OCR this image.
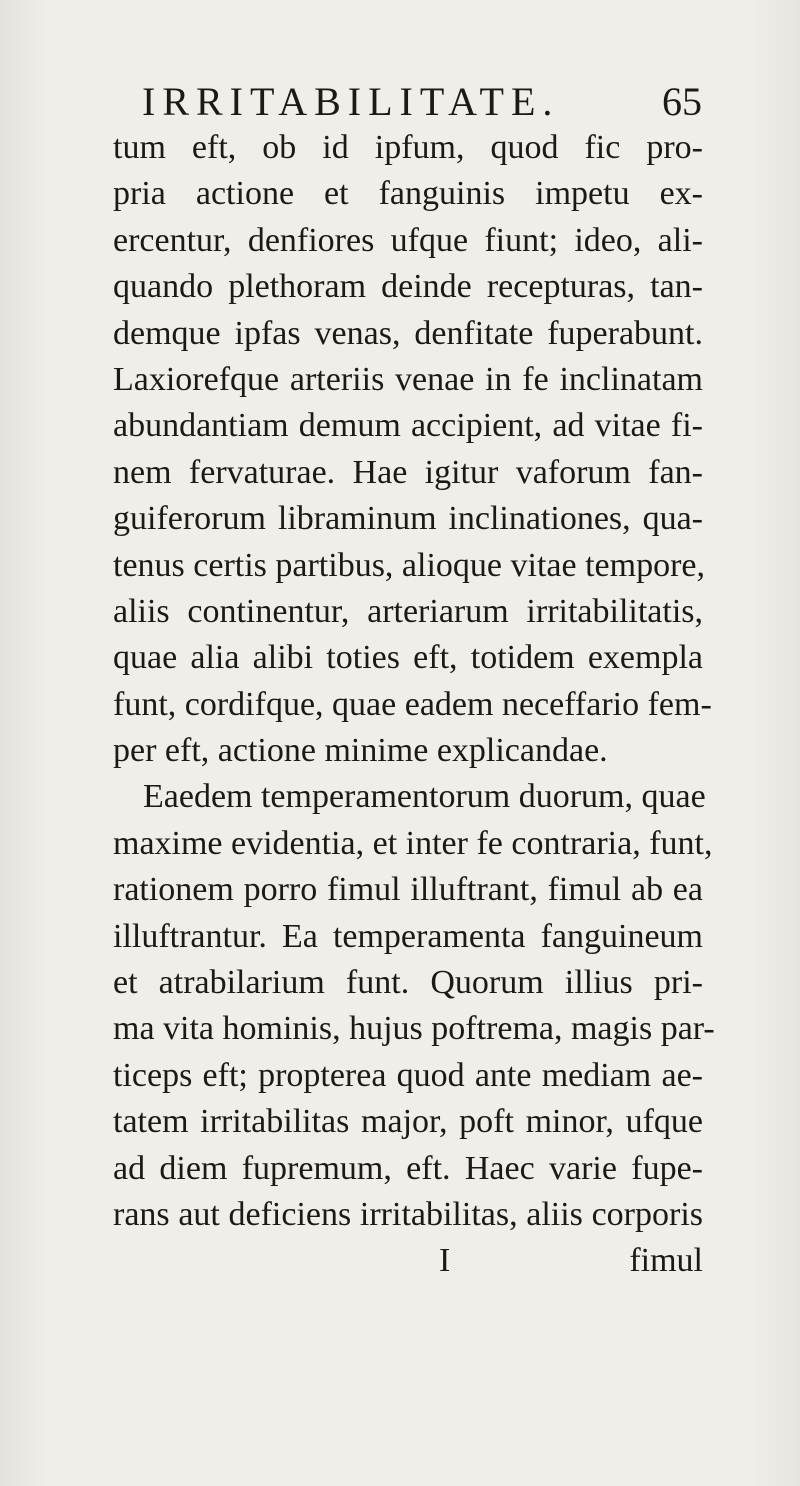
IRRITABILITATE.	65
tum eft, ob id ipfum, quod fic pro-
pria actione et fanguinis impetu ex-
ercentur, denfiores ufque fiunt; ideo, ali-
quando plethoram deinde recepturas, tan-
demque ipfas venas, denfitate fuperabunt.
Laxiorefque arteriis venae in fe inclinatam
abundantiam demum accipient, ad vitae fi-
nem fervaturae. Hae igitur vaforum fan-
guiferorum libraminum inclinationes, qua-
tenus certis partibus, alioque vitae tempore,
aliis continentur, arteriarum irritabilitatis,
quae alia alibi toties eft, totidem exempla
funt, cordifque, quae eadem neceffario fem-
per eft, actione minime explicandae.
Eaedem temperamentorum duorum, quae
maxime evidentia, et inter fe contraria, funt,
rationem porro fimul illuftrant, fimul ab ea
illuftrantur. Ea temperamenta fanguineum
et atrabilarium funt. Quorum illius pri-
ma vita hominis, hujus poftrema, magis par-
ticeps eft; propterea quod ante mediam ae-
tatem irritabilitas major, poft minor, ufque
ad diem fupremum, eft. Haec varie fupe-
rans aut deficiens irritabilitas, aliis corporis
I	fimul
